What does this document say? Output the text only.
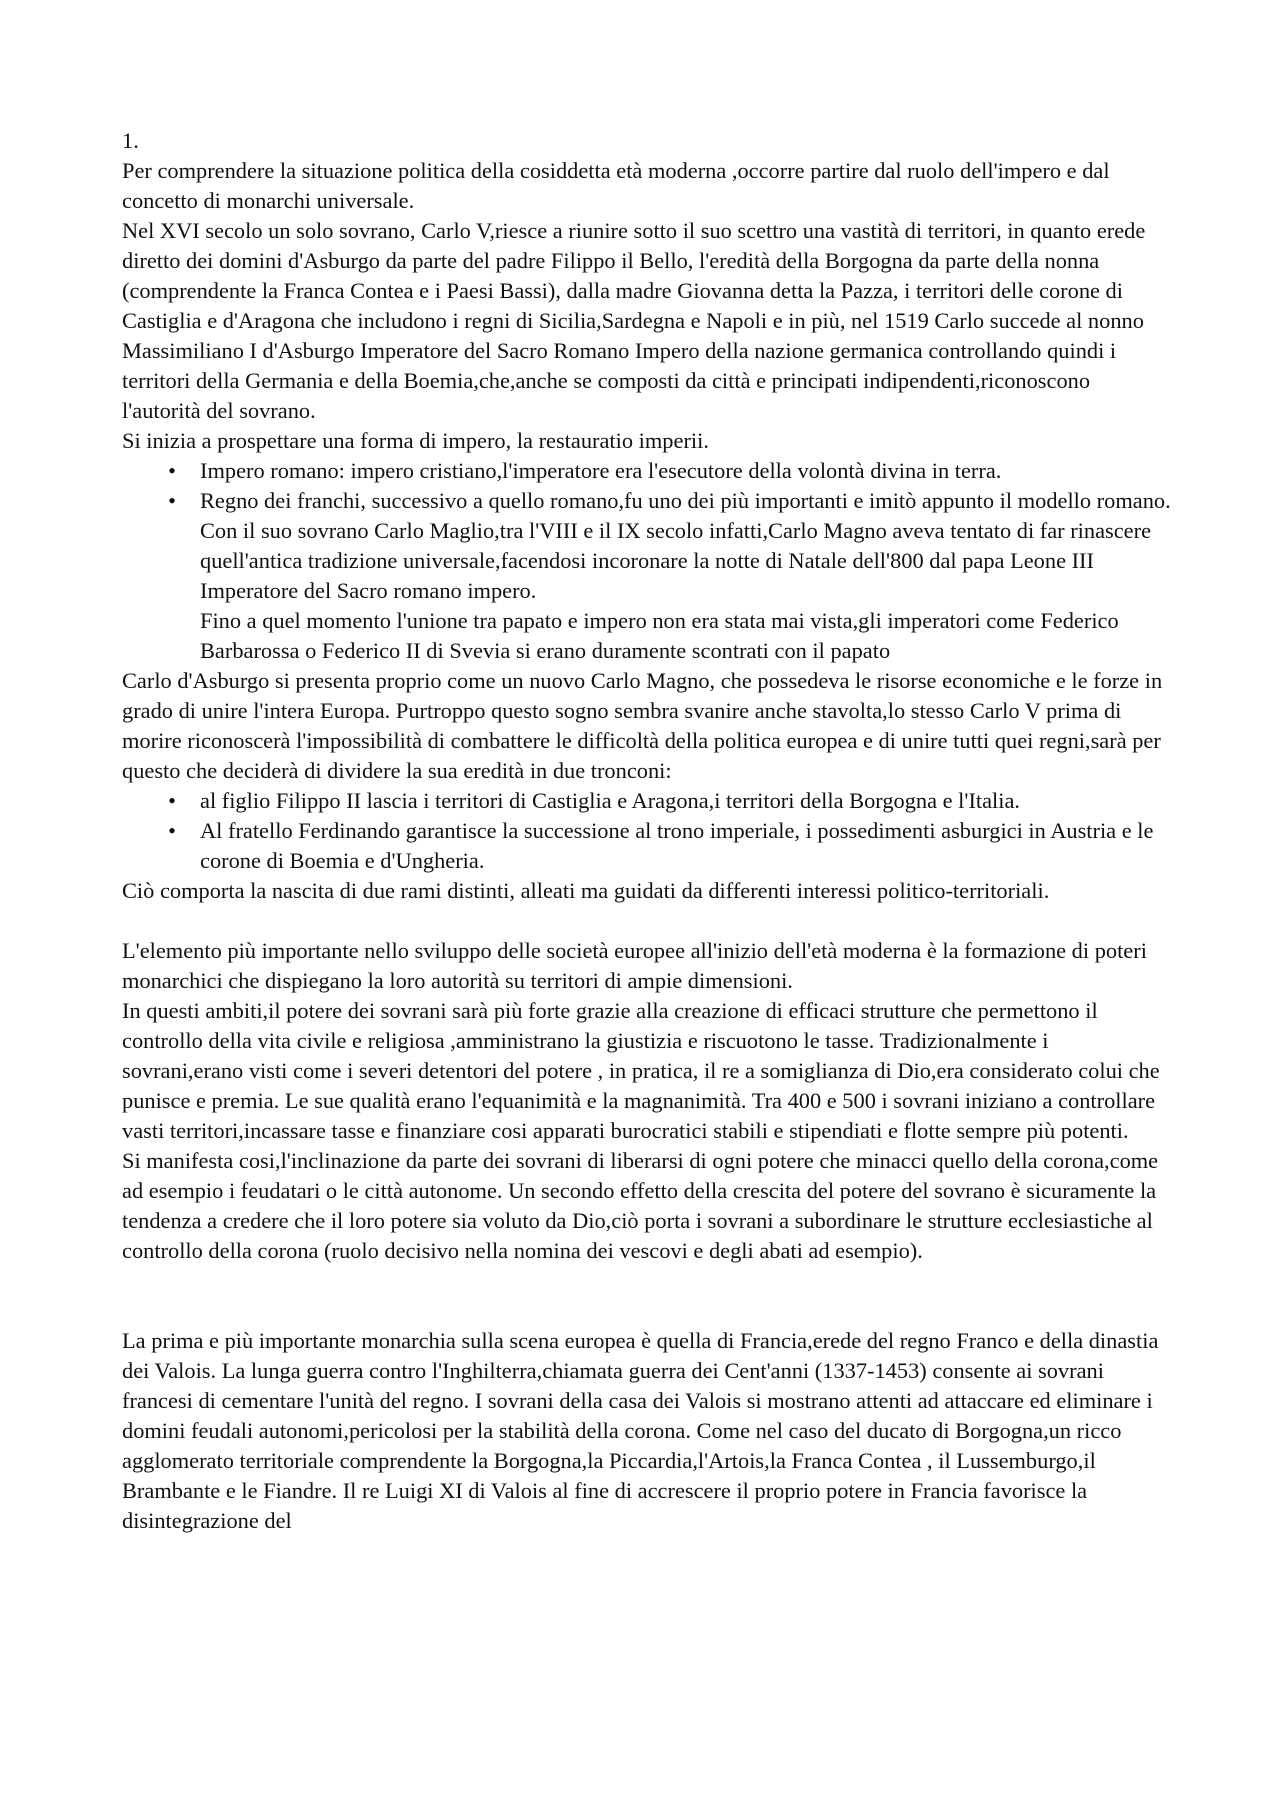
1.

Per comprendere la situazione politica della cosiddetta età moderna ,occorre partire dal ruolo dell'impero e dal concetto di monarchi universale.

Nel XVI secolo un solo sovrano, Carlo V,riesce a riunire sotto il suo scettro una vastità di territori, in quanto erede diretto dei domini d'Asburgo da parte del padre Filippo il Bello, l'eredità della Borgogna da parte della nonna (comprendente la Franca Contea e i Paesi Bassi), dalla madre Giovanna detta la Pazza, i territori delle corone di Castiglia e d'Aragona che includono i regni di Sicilia,Sardegna e Napoli e in più, nel 1519 Carlo succede al nonno Massimiliano I d'Asburgo Imperatore del Sacro Romano Impero della nazione germanica controllando quindi i territori della Germania e della Boemia,che,anche se composti da città e principati indipendenti,riconoscono l'autorità del sovrano.

Si inizia a prospettare una forma di impero, la restauratio imperii.

• Impero romano: impero cristiano,l'imperatore era l'esecutore della volontà divina in terra.
• Regno dei franchi, successivo a quello romano,fu uno dei più importanti e imitò appunto il modello romano. Con il suo sovrano Carlo Maglio,tra l'VIII e il IX secolo infatti,Carlo Magno aveva tentato di far rinascere quell'antica tradizione universale,facendosi incoronare la notte di Natale dell'800 dal papa Leone III Imperatore del Sacro romano impero.

Fino a quel momento l'unione tra papato e impero non era stata mai vista,gli imperatori come Federico Barbarossa o Federico II di Svevia si erano duramente scontrati con il papato

Carlo d'Asburgo si presenta proprio come un nuovo Carlo Magno, che possedeva le risorse economiche e le forze in grado di unire l'intera Europa. Purtroppo questo sogno sembra svanire anche stavolta,lo stesso Carlo V prima di morire riconoscerà l'impossibilità di combattere le difficoltà della politica europea e di unire tutti quei regni,sarà per questo che deciderà di dividere la sua eredità in due tronconi:

• al figlio Filippo II lascia i territori di Castiglia e Aragona,i territori della Borgogna e l'Italia.
• Al fratello Ferdinando garantisce la successione al trono imperiale, i possedimenti asburgici in Austria e le corone di Boemia e d'Ungheria.

Ciò comporta la nascita di due rami distinti, alleati ma guidati da differenti interessi politico-territoriali.

L'elemento più importante nello sviluppo delle società europee all'inizio dell'età moderna è la formazione di poteri monarchici che dispiegano la loro autorità su territori di ampie dimensioni.

In questi ambiti,il potere dei sovrani sarà più forte grazie alla creazione di efficaci strutture che permettono il controllo della vita civile e religiosa ,amministrano la giustizia e riscuotono le tasse. Tradizionalmente i sovrani,erano visti come i severi detentori del potere , in pratica, il re a somiglianza di Dio,era considerato colui che punisce e premia. Le sue qualità erano l'equanimità e la magnanimità. Tra 400 e 500 i sovrani iniziano a controllare vasti territori,incassare tasse e finanziare cosi apparati burocratici stabili e stipendiati e flotte sempre più potenti.

Si manifesta cosi,l'inclinazione da parte dei sovrani di liberarsi di ogni potere che minacci quello della corona,come ad esempio i feudatari o le città autonome. Un secondo effetto della crescita del potere del sovrano è sicuramente la tendenza a credere che il loro potere sia voluto da Dio,ciò porta i sovrani a subordinare le strutture ecclesiastiche al controllo della corona (ruolo decisivo nella nomina dei vescovi e degli abati ad esempio).

La prima e più importante monarchia sulla scena europea è quella di Francia,erede del regno Franco e della dinastia dei Valois. La lunga guerra contro l'Inghilterra,chiamata guerra dei Cent'anni (1337-1453) consente ai sovrani francesi di cementare l'unità del regno. I sovrani della casa dei Valois si mostrano attenti ad attaccare ed eliminare i domini feudali autonomi,pericolosi per la stabilità della corona. Come nel caso del ducato di Borgogna,un ricco agglomerato territoriale comprendente la Borgogna,la Piccardia,l'Artois,la Franca Contea , il Lussemburgo,il Brambante e le Fiandre. Il re Luigi XI di Valois al fine di accrescere il proprio potere in Francia favorisce la disintegrazione del
